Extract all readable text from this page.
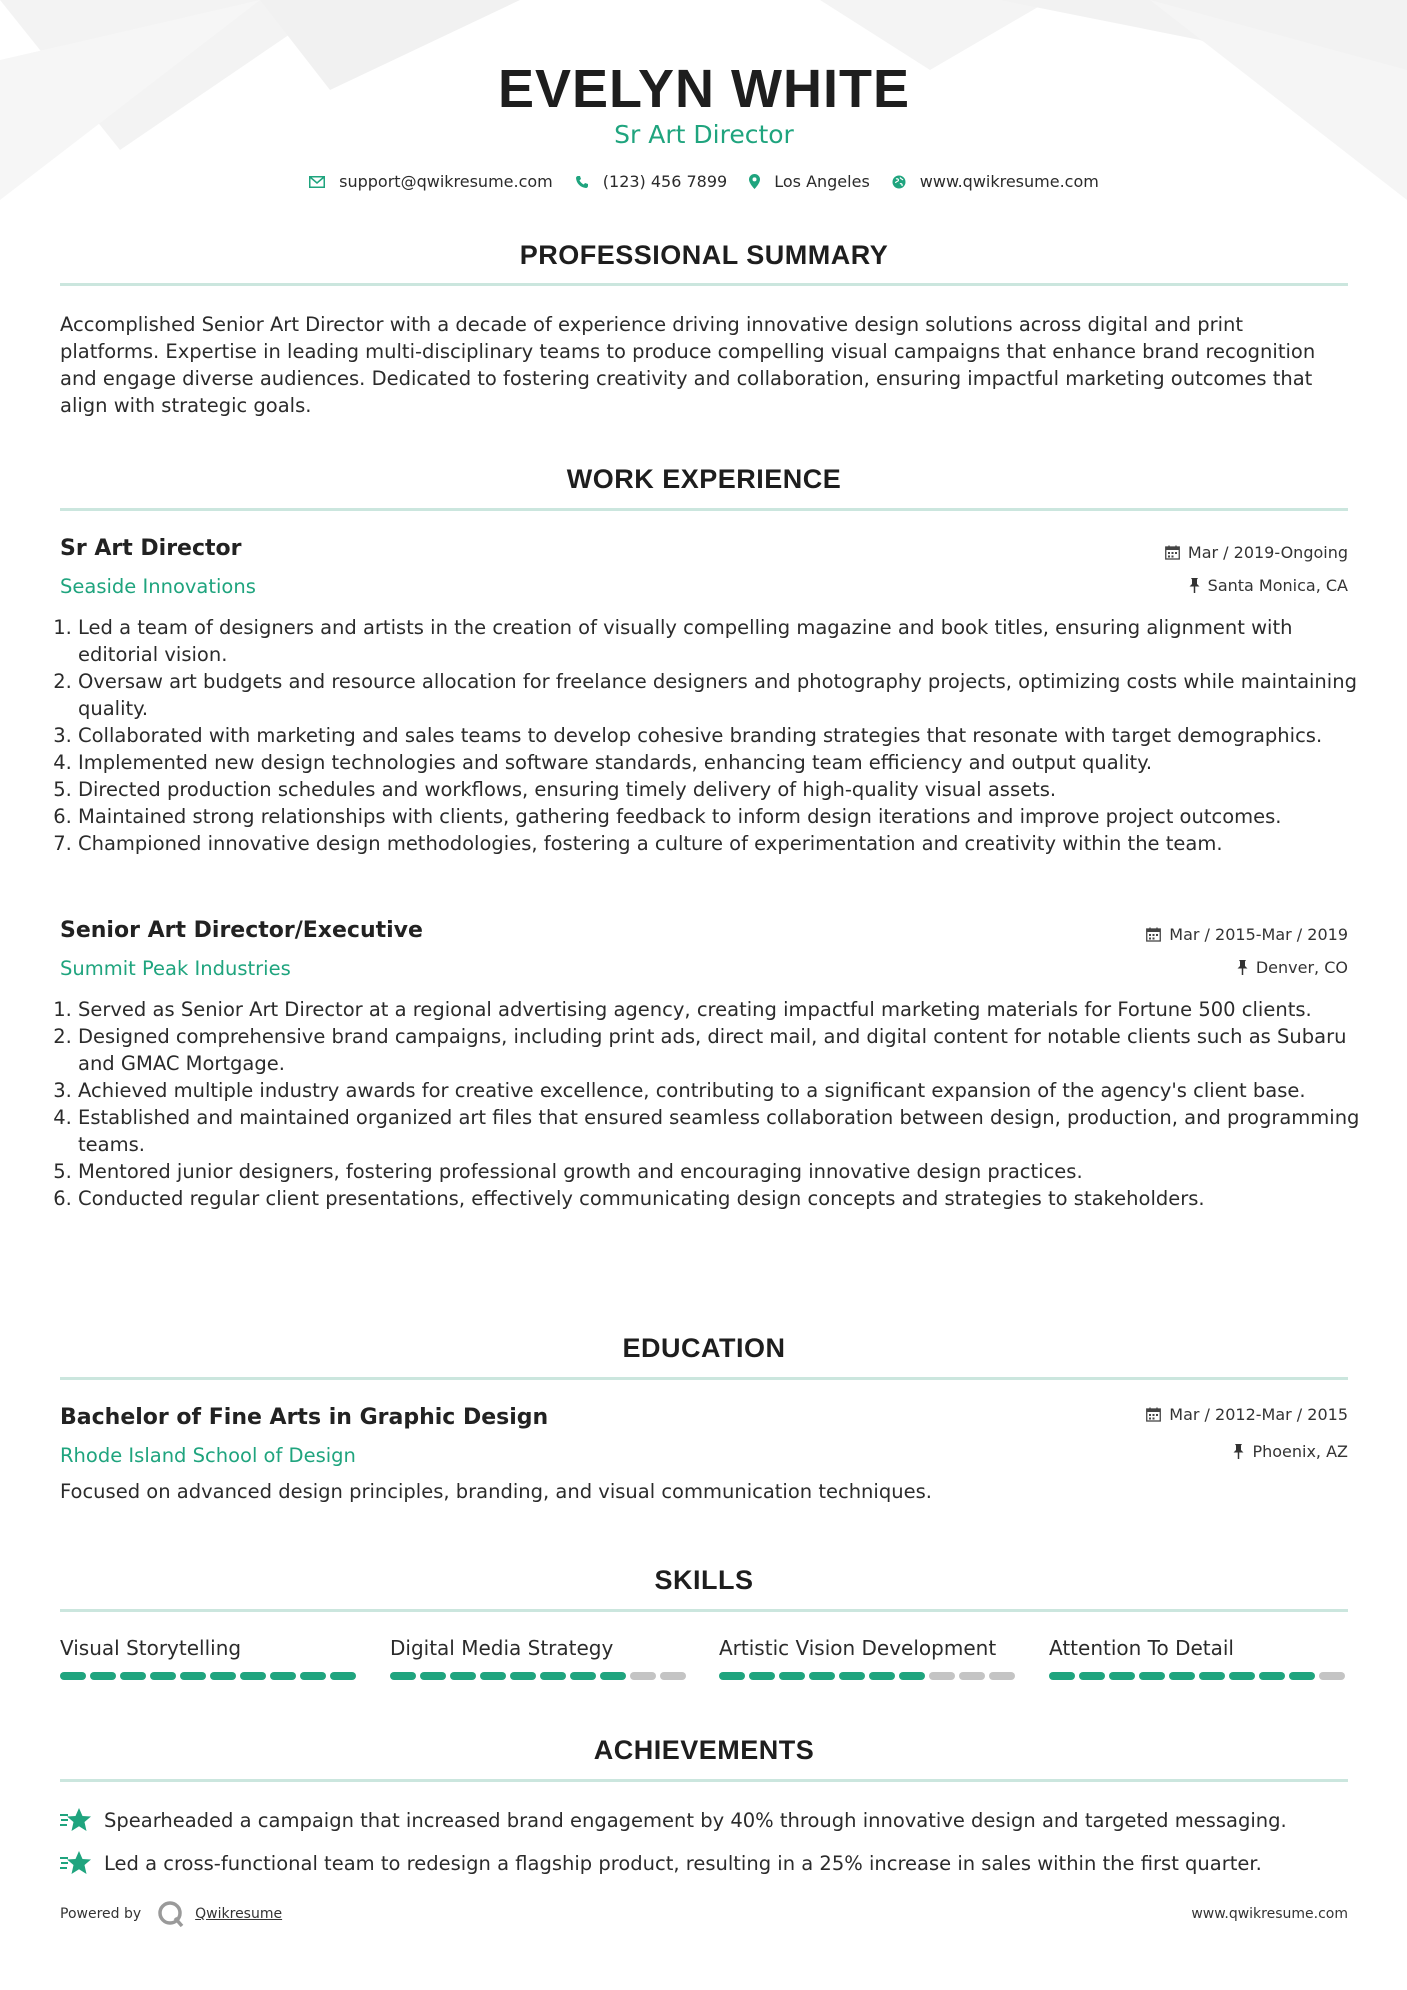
EVELYN WHITE
Sr Art Director
support@qwikresume.com	(123) 456 7899	Los Angeles	www.qwikresume.com
PROFESSIONAL SUMMARY
Accomplished Senior Art Director with a decade of experience driving innovative design solutions across digital and print platforms. Expertise in leading multi-disciplinary teams to produce compelling visual campaigns that enhance brand recognition and engage diverse audiences. Dedicated to fostering creativity and collaboration, ensuring impactful marketing outcomes that align with strategic goals.
WORK EXPERIENCE
Sr Art Director	Mar / 2019-Ongoing
Seaside Innovations	Santa Monica, CA
1. Led a team of designers and artists in the creation of visually compelling magazine and book titles, ensuring alignment with editorial vision.
2. Oversaw art budgets and resource allocation for freelance designers and photography projects, optimizing costs while maintaining quality.
3. Collaborated with marketing and sales teams to develop cohesive branding strategies that resonate with target demographics.
4. Implemented new design technologies and software standards, enhancing team efficiency and output quality.
5. Directed production schedules and workflows, ensuring timely delivery of high-quality visual assets.
6. Maintained strong relationships with clients, gathering feedback to inform design iterations and improve project outcomes.
7. Championed innovative design methodologies, fostering a culture of experimentation and creativity within the team.
Senior Art Director/Executive	Mar / 2015-Mar / 2019
Summit Peak Industries	Denver, CO
1. Served as Senior Art Director at a regional advertising agency, creating impactful marketing materials for Fortune 500 clients.
2. Designed comprehensive brand campaigns, including print ads, direct mail, and digital content for notable clients such as Subaru and GMAC Mortgage.
3. Achieved multiple industry awards for creative excellence, contributing to a significant expansion of the agency's client base.
4. Established and maintained organized art files that ensured seamless collaboration between design, production, and programming teams.
5. Mentored junior designers, fostering professional growth and encouraging innovative design practices.
6. Conducted regular client presentations, effectively communicating design concepts and strategies to stakeholders.
EDUCATION
Bachelor of Fine Arts in Graphic Design	Mar / 2012-Mar / 2015
Rhode Island School of Design	Phoenix, AZ
Focused on advanced design principles, branding, and visual communication techniques.
SKILLS
Visual Storytelling	Digital Media Strategy	Artistic Vision Development	Attention To Detail
ACHIEVEMENTS
Spearheaded a campaign that increased brand engagement by 40% through innovative design and targeted messaging.
Led a cross-functional team to redesign a flagship product, resulting in a 25% increase in sales within the first quarter.
Powered by	Qwikresume	www.qwikresume.com
